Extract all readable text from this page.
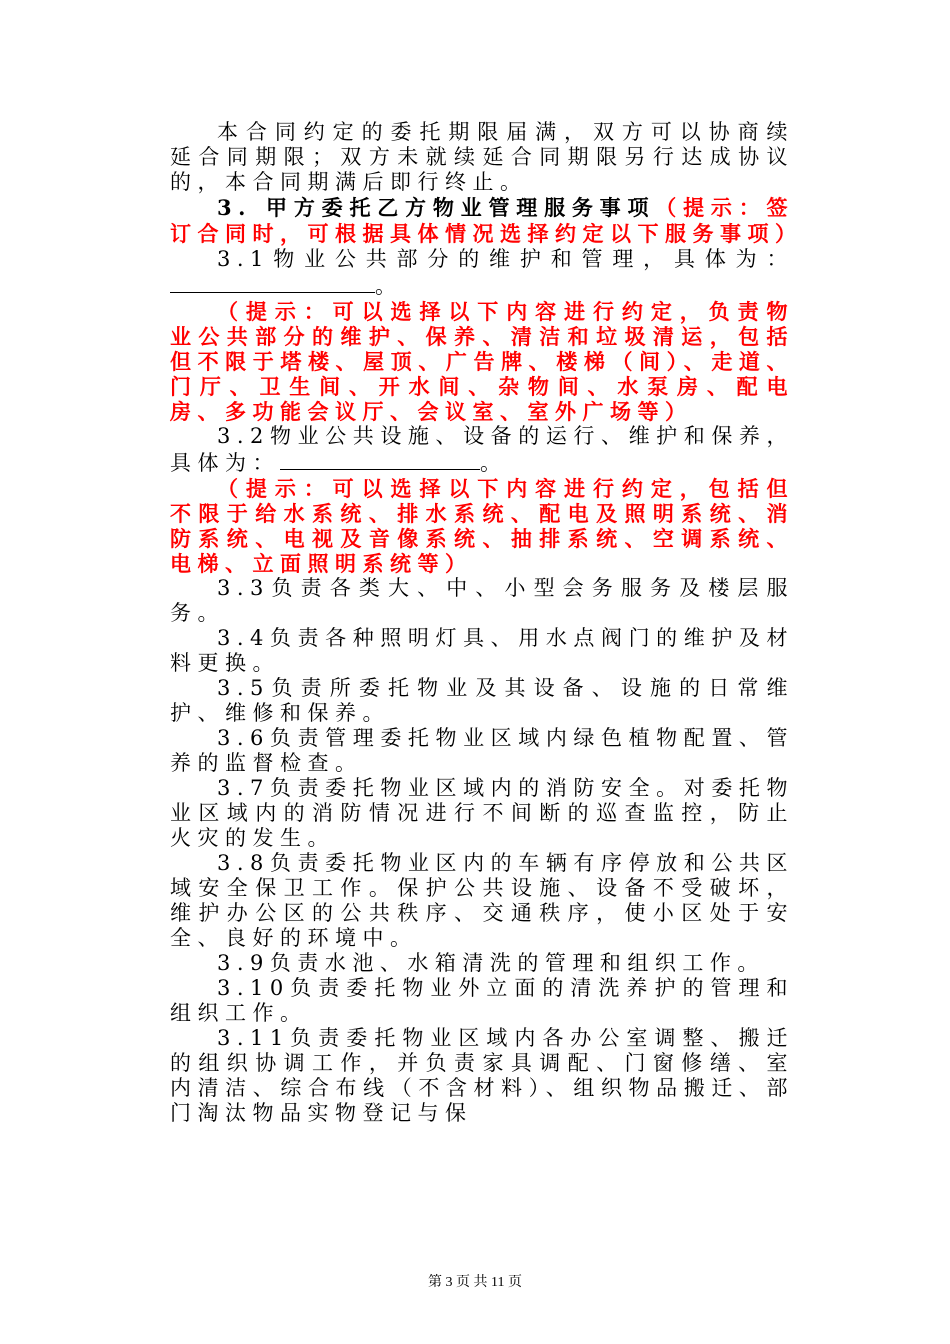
本合同约定的委托期限届满，双方可以协商续延合同期限；双方未就续延合同期限另行达成协议的，本合同期满后即行终止。

3. 甲方委托乙方物业管理服务事项（提示：签订合同时，可根据具体情况选择约定以下服务事项）

3.1物业公共部分的维护和管理，具体为：。

（提示：可以选择以下内容进行约定，负责物业公共部分的维护、保养、清洁和垃圾清运，包括但不限于塔楼、屋顶、广告牌、楼梯（间）、走道、门厅、卫生间、开水间、杂物间、水泵房、配电房、多功能会议厅、会议室、室外广场等）

3.2物业公共设施、设备的运行、维护和保养，具体为：	。

（提示：可以选择以下内容进行约定，包括但不限于给水系统、排水系统、配电及照明系统、消防系统、电视及音像系统、抽排系统、空调系统、电梯、立面照明系统等）

3.3负责各类大、中、小型会务服务及楼层服务。

3.4负责各种照明灯具、用水点阀门的维护及材料更换。

3.5负责所委托物业及其设备、设施的日常维护、维修和保养。

3.6负责管理委托物业区域内绿色植物配置、管养的监督检查。

3.7负责委托物业区域内的消防安全。对委托物业区域内的消防情况进行不间断的巡查监控，防止火灾的发生。

3.8负责委托物业区内的车辆有序停放和公共区域安全保卫工作。保护公共设施、设备不受破坏，维护办公区的公共秩序、交通秩序，使小区处于安全、良好的环境中。

3.9负责水池、水箱清洗的管理和组织工作。

3.10负责委托物业外立面的清洗养护的管理和组织工作。

3.11负责委托物业区域内各办公室调整、搬迁的组织协调工作，并负责家具调配、门窗修缮、室内清洁、综合布线（不含材料）、组织物品搬迁、部门淘汰物品实物登记与保

第 3 页 共 11 页
